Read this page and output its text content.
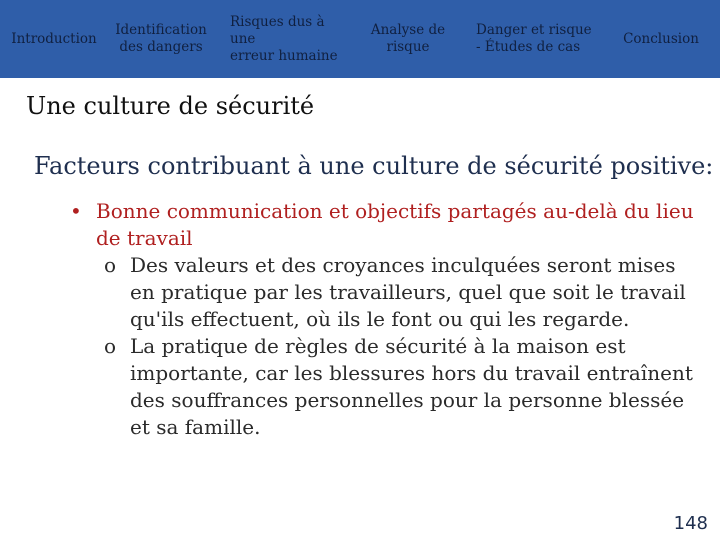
Introduction
Identification
des dangers
Risques dus à une
erreur humaine
Analyse de
risque
Danger et risque
- Études de cas
Conclusion
Une culture de sécurité
Facteurs contribuant à une culture de sécurité positive:
• Bonne communication et objectifs partagés au-delà du lieu de travail
o Des valeurs et des croyances inculquées seront mises en pratique par les travailleurs, quel que soit le travail qu'ils effectuent, où ils le font ou qui les regarde.
o La pratique de règles de sécurité à la maison est importante, car les blessures hors du travail entraînent des souffrances personnelles pour la personne blessée et sa famille.
148
